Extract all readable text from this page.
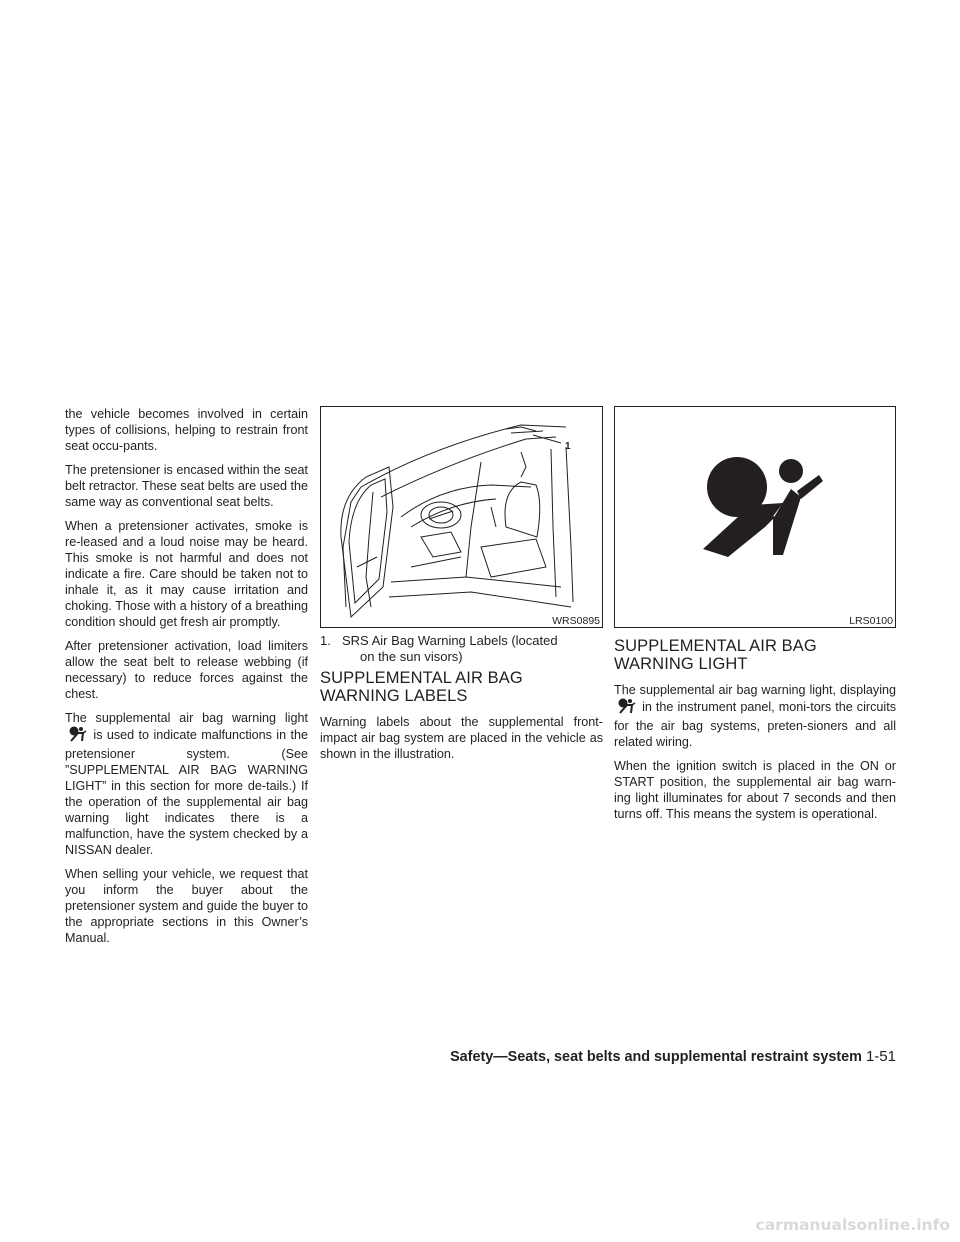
the vehicle becomes involved in certain types of collisions, helping to restrain front seat occu-pants.

The pretensioner is encased within the seat belt retractor. These seat belts are used the same way as conventional seat belts.

When a pretensioner activates, smoke is re-leased and a loud noise may be heard. This smoke is not harmful and does not indicate a fire. Care should be taken not to inhale it, as it may cause irritation and choking. Those with a history of a breathing condition should get fresh air promptly.

After pretensioner activation, load limiters allow the seat belt to release webbing (if necessary) to reduce forces against the chest.

The supplemental air bag warning light  is used to indicate malfunctions in the pretensioner system. (See ”SUPPLEMENTAL AIR BAG WARNING LIGHT” in this section for more de-tails.) If the operation of the supplemental air bag warning light indicates there is a malfunction, have the system checked by a NISSAN dealer.

When selling your vehicle, we request that you inform the buyer about the pretensioner system and guide the buyer to the appropriate sections in this Owner’s Manual.

1
WRS0895
1. SRS Air Bag Warning Labels (located
on the sun visors)
SUPPLEMENTAL AIR BAG
WARNING LABELS

Warning labels about the supplemental front-impact air bag system are placed in the vehicle as shown in the illustration.

LRS0100
SUPPLEMENTAL AIR BAG
WARNING LIGHT

The supplemental air bag warning light, displaying  in the instrument panel, moni-tors the circuits for the air bag systems, preten-sioners and all related wiring.

When the ignition switch is placed in the ON or START position, the supplemental air bag warn-ing light illuminates for about 7 seconds and then turns off. This means the system is operational.

Safety—Seats, seat belts and supplemental restraint system 1-51
carmanualsonline.info
